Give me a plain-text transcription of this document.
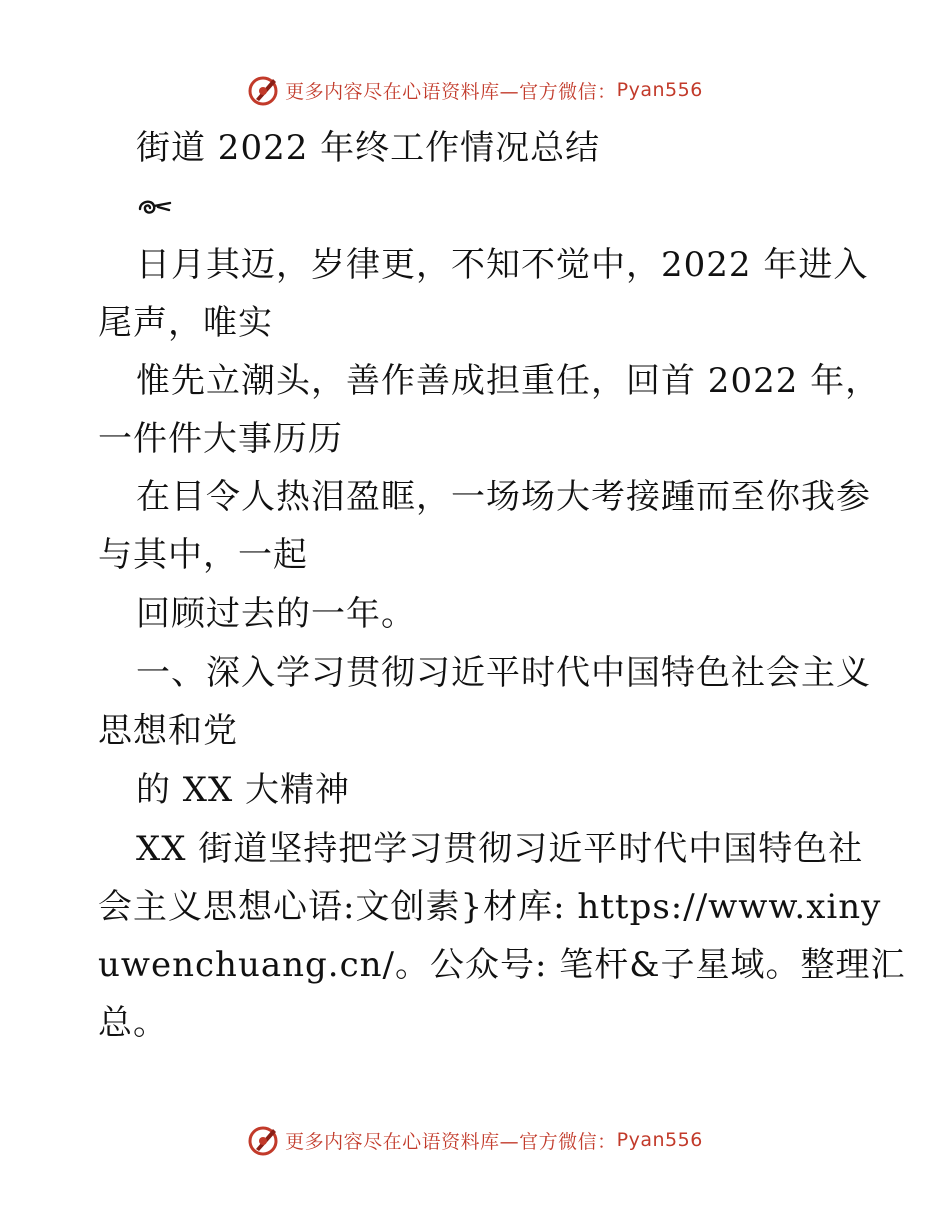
更多内容尽在心语资料库—官方微信： Pyan556
街道 2022 年终工作情况总结
日月其迈，岁律更，不知不觉中，2022 年进入
尾声，唯实
惟先立潮头，善作善成担重任，回首 2022 年，
一件件大事历历
在目令人热泪盈眶，一场场大考接踵而至你我参
与其中，一起
回顾过去的一年。
一、深入学习贯彻习近平时代中国特色社会主义
思想和党
的 XX 大精神
XX 街道坚持把学习贯彻习近平时代中国特色社
会主义思想心语:文创素}材库: https://www.xiny
uwenchuang.cn/。公众号: 笔杆&子星域。整理汇
总。
更多内容尽在心语资料库—官方微信： Pyan556
